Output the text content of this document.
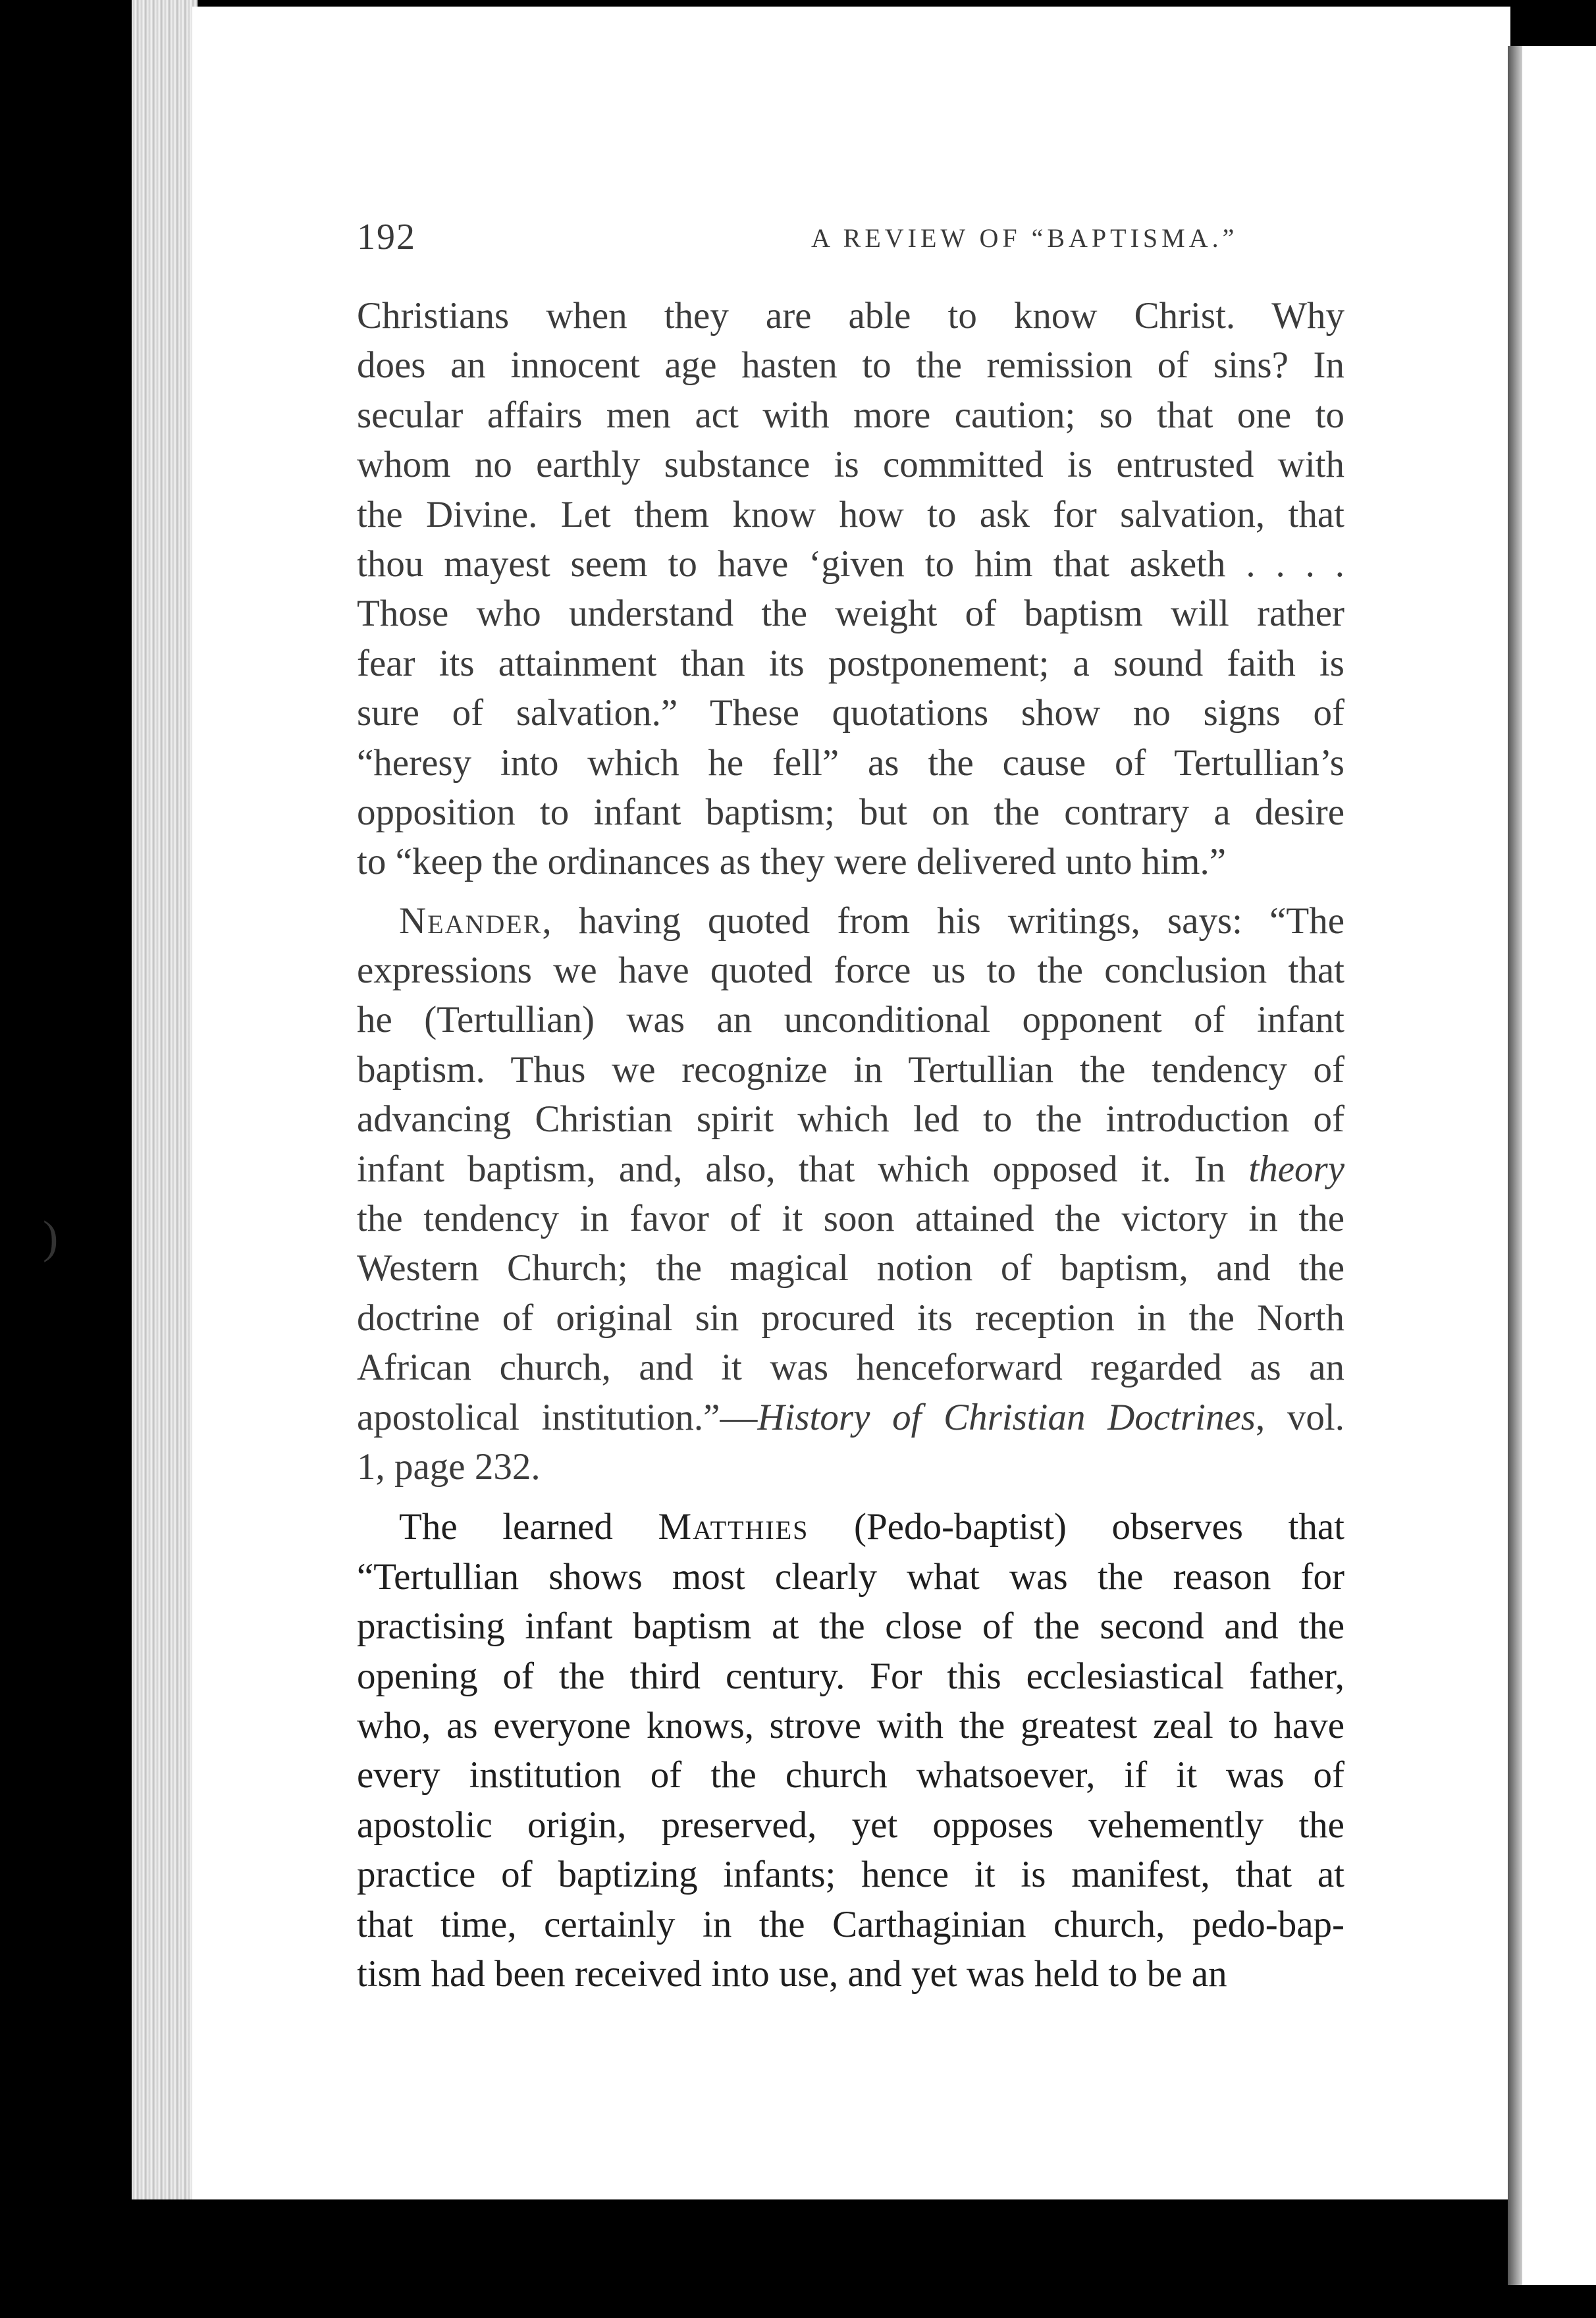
)
192	A REVIEW OF “BAPTISMA.”
Christians when they are able to know Christ. Why
does an innocent age hasten to the remission of sins? In
secular affairs men act with more caution; so that one to
whom no earthly substance is committed is entrusted with
the Divine. Let them know how to ask for salvation, that
thou mayest seem to have ‘given to him that asketh . . . .
Those who understand the weight of baptism will rather
fear its attainment than its postponement; a sound faith is
sure of salvation.” These quotations show no signs of
“heresy into which he fell” as the cause of Tertullian’s
opposition to infant baptism; but on the contrary a desire
to “keep the ordinances as they were delivered unto him.”
Neander, having quoted from his writings, says: “The
expressions we have quoted force us to the conclusion that
he (Tertullian) was an unconditional opponent of infant
baptism. Thus we recognize in Tertullian the tendency of
advancing Christian spirit which led to the introduction of
infant baptism, and, also, that which opposed it. In theory
the tendency in favor of it soon attained the victory in the
Western Church; the magical notion of baptism, and the
doctrine of original sin procured its reception in the North
African church, and it was henceforward regarded as an
apostolical institution.”—History of Christian Doctrines, vol.
1, page 232.
The learned Matthies (Pedo-baptist) observes that
“Tertullian shows most clearly what was the reason for
practising infant baptism at the close of the second and the
opening of the third century. For this ecclesiastical father,
who, as everyone knows, strove with the greatest zeal to have
every institution of the church whatsoever, if it was of
apostolic origin, preserved, yet opposes vehemently the
practice of baptizing infants; hence it is manifest, that at
that time, certainly in the Carthaginian church, pedo-bap-
tism had been received into use, and yet was held to be an
